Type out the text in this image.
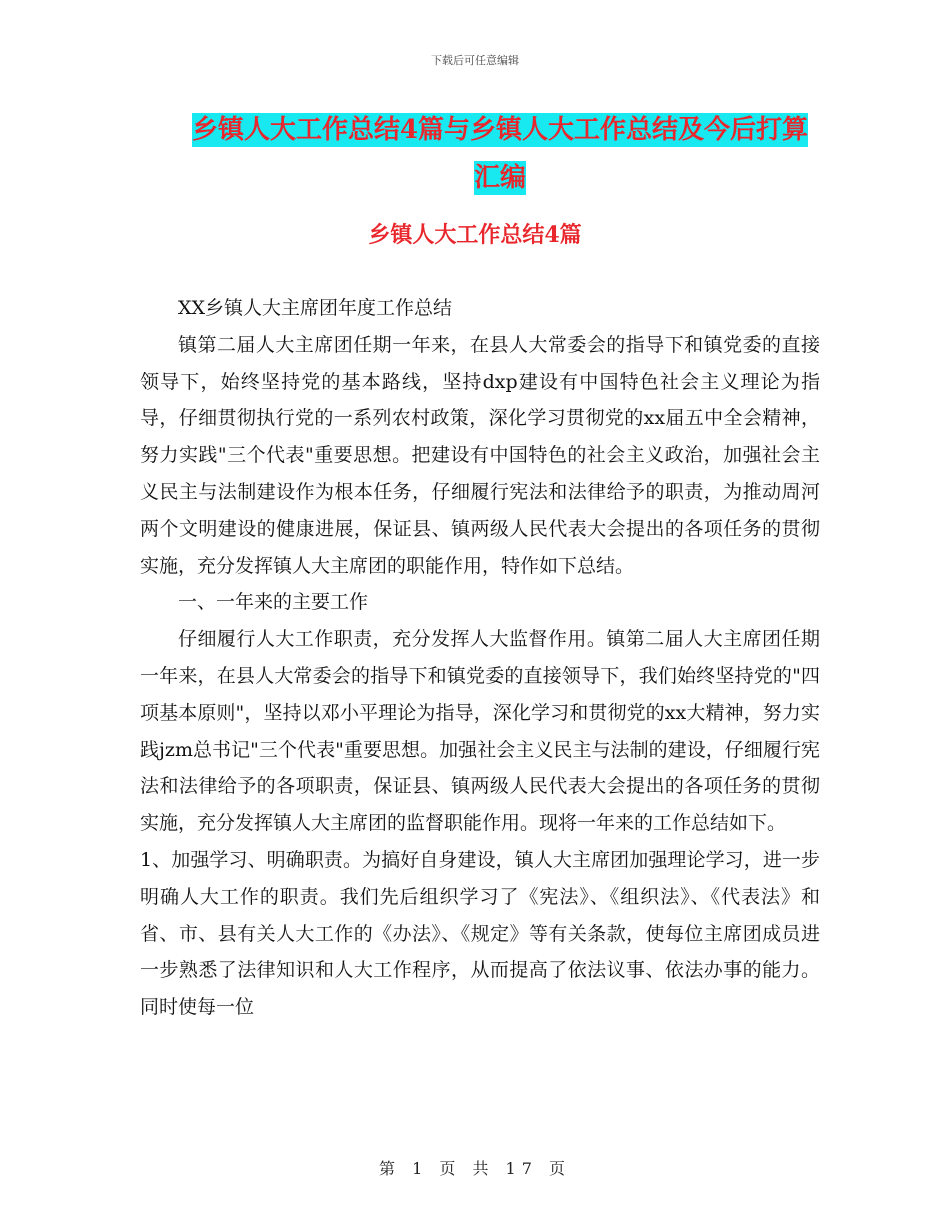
下载后可任意编辑
乡镇人大工作总结4篇与乡镇人大工作总结及今后打算汇编
乡镇人大工作总结4篇

XX乡镇人大主席团年度工作总结

镇第二届人大主席团任期一年来，在县人大常委会的指导下和镇党委的直接领导下，始终坚持党的基本路线，坚持dxp建设有中国特色社会主义理论为指导，仔细贯彻执行党的一系列农村政策，深化学习贯彻党的xx届五中全会精神，努力实践"三个代表"重要思想。把建设有中国特色的社会主义政治，加强社会主义民主与法制建设作为根本任务，仔细履行宪法和法律给予的职责，为推动周河两个文明建设的健康进展，保证县、镇两级人民代表大会提出的各项任务的贯彻实施，充分发挥镇人大主席团的职能作用，特作如下总结。

一、一年来的主要工作

仔细履行人大工作职责，充分发挥人大监督作用。镇第二届人大主席团任期一年来，在县人大常委会的指导下和镇党委的直接领导下，我们始终坚持党的"四项基本原则"，坚持以邓小平理论为指导，深化学习和贯彻党的xx大精神，努力实践jzm总书记"三个代表"重要思想。加强社会主义民主与法制的建设，仔细履行宪法和法律给予的各项职责，保证县、镇两级人民代表大会提出的各项任务的贯彻实施，充分发挥镇人大主席团的监督职能作用。现将一年来的工作总结如下。

1、加强学习、明确职责。为搞好自身建设，镇人大主席团加强理论学习，进一步明确人大工作的职责。我们先后组织学习了《宪法》、《组织法》、《代表法》和省、市、县有关人大工作的《办法》、《规定》等有关条款，使每位主席团成员进一步熟悉了法律知识和人大工作程序，从而提高了依法议事、依法办事的能力。同时使每一位

第 1 页 共 17 页
